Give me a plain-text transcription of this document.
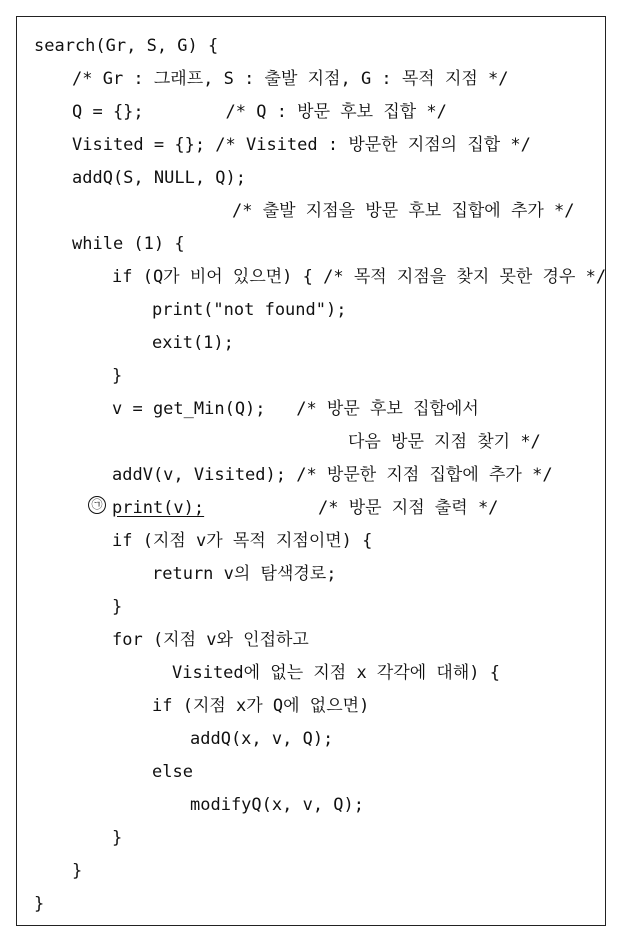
search(Gr, S, G) {
/* Gr : 그래프, S : 출발 지점, G : 목적 지점 */
Q = {};        /* Q : 방문 후보 집합 */
Visited = {}; /* Visited : 방문한 지점의 집합 */
addQ(S, NULL, Q);
/* 출발 지점을 방문 후보 집합에 추가 */
while (1) {
if (Q가 비어 있으면) { /* 목적 지점을 찾지 못한 경우 */
print("not found");
exit(1);
}
v = get_Min(Q);   /* 방문 후보 집합에서
다음 방문 지점 찾기 */
addV(v, Visited); /* 방문한 지점 집합에 추가 */
㉠ print(v);	/* 방문 지점 출력 */
if (지점 v가 목적 지점이면) {
return v의 탐색경로;
}
for (지점 v와 인접하고
Visited에 없는 지점 x 각각에 대해) {
if (지점 x가 Q에 없으면)
addQ(x, v, Q);
else
modifyQ(x, v, Q);
}
}
}
